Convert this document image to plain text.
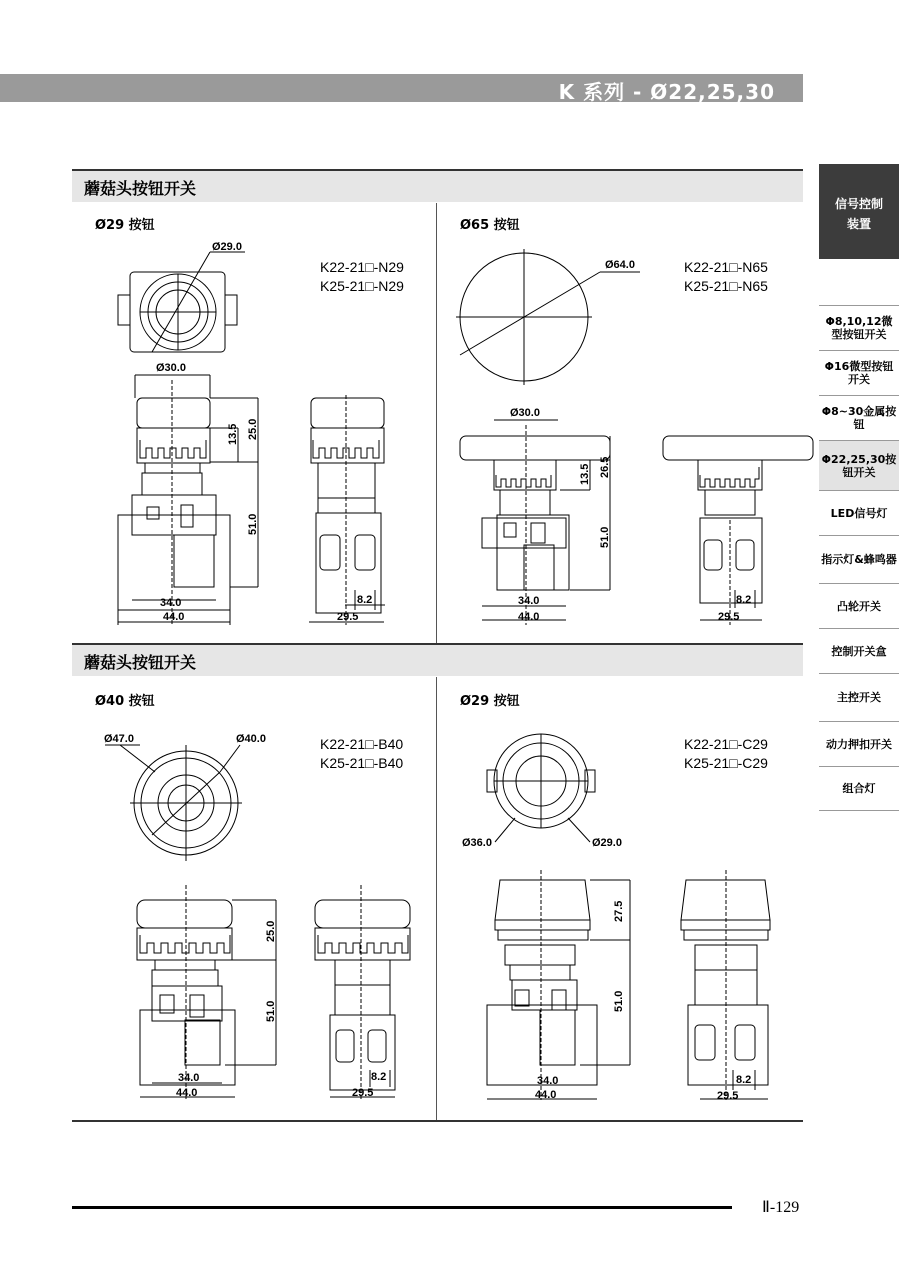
K 系列 - Ø22,25,30
蘑菇头按钮开关
蘑菇头按钮开关
Ø29 按钮
K22-21□-N29
K25-21□-N29
Ø65 按钮
K22-21□-N65
K25-21□-N65
Ø40 按钮
K22-21□-B40
K25-21□-B40
Ø29 按钮
K22-21□-C29
K25-21□-C29
Ø29.0
Ø30.0
13.5 25.0
51.0
34.0
44.0
8.2
29.5
Ø64.0
Ø30.0
13.5 26.5
51.0
34.0
44.0
8.2
29.5
Ø47.0	Ø40.0
25.0
51.0
34.0
44.0
8.2
29.5
Ø36.0	Ø29.0
27.5
51.0
34.0
44.0
8.2
29.5
信号控制
装置
Φ8,10,12微型按钮开关
Φ16微型按钮开关
Φ8~30金属按钮
Φ22,25,30按钮开关
LED信号灯
指示灯&蜂鸣器
凸轮开关
控制开关盒
主控开关
动力押扣开关
组合灯
Ⅱ-129
